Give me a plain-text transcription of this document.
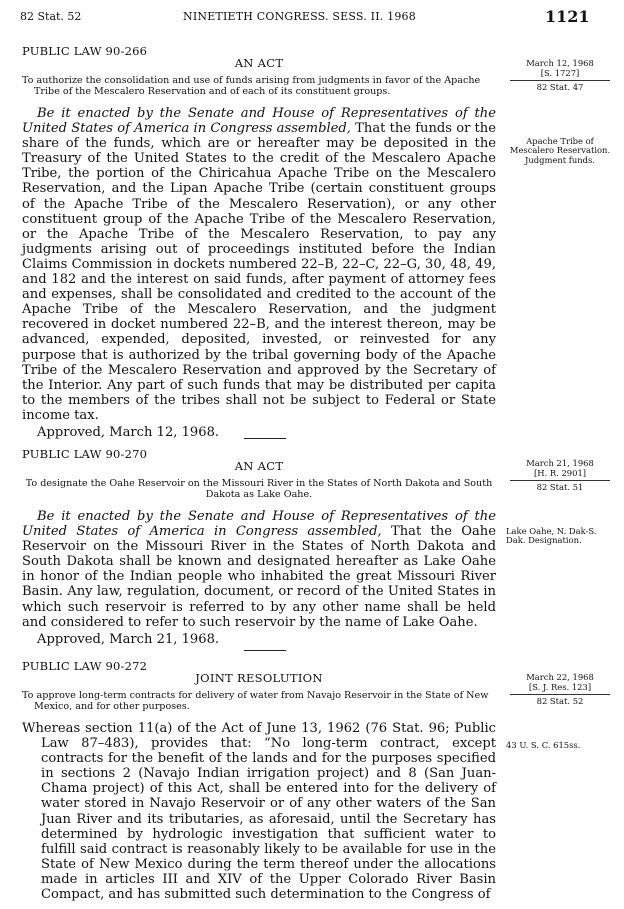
82 Stat. 52	NINETIETH CONGRESS. SESS. II. 1968	1121
PUBLIC LAW 90-266
AN ACT
To authorize the consolidation and use of funds arising from judgments in favor of the Apache Tribe of the Mescalero Reservation and of each of its constituent groups.
Be it enacted by the Senate and House of Representatives of the United States of America in Congress assembled, That the funds or the share of the funds, which are or hereafter may be deposited in the Treasury of the United States to the credit of the Mescalero Apache Tribe, the portion of the Chiricahua Apache Tribe on the Mescalero Reservation, and the Lipan Apache Tribe (certain constituent groups of the Apache Tribe of the Mescalero Reservation), or any other constituent group of the Apache Tribe of the Mescalero Reservation, or the Apache Tribe of the Mescalero Reservation, to pay any judgments arising out of proceedings instituted before the Indian Claims Commission in dockets numbered 22–B, 22–C, 22–G, 30, 48, 49, and 182 and the interest on said funds, after payment of attorney fees and expenses, shall be consolidated and credited to the account of the Apache Tribe of the Mescalero Reservation, and the judgment recovered in docket numbered 22–B, and the interest thereon, may be advanced, expended, deposited, invested, or reinvested for any purpose that is authorized by the tribal governing body of the Apache Tribe of the Mescalero Reservation and approved by the Secretary of the Interior. Any part of such funds that may be distributed per capita to the members of the tribes shall not be subject to Federal or State income tax.
Approved, March 12, 1968.
March 12, 1968
[S. 1727]
82 Stat. 47
Apache Tribe of Mescalero Reservation. Judgment funds.
PUBLIC LAW 90-270
AN ACT
To designate the Oahe Reservoir on the Missouri River in the States of North Dakota and South Dakota as Lake Oahe.
Be it enacted by the Senate and House of Representatives of the United States of America in Congress assembled, That the Oahe Reservoir on the Missouri River in the States of North Dakota and South Dakota shall be known and designated hereafter as Lake Oahe in honor of the Indian people who inhabited the great Missouri River Basin. Any law, regulation, document, or record of the United States in which such reservoir is referred to by any other name shall be held and considered to refer to such reservoir by the name of Lake Oahe.
Approved, March 21, 1968.
March 21, 1968
[H. R. 2901]
82 Stat. 51
Lake Oahe, N. Dak-S. Dak. Designation.
PUBLIC LAW 90-272
JOINT RESOLUTION
To approve long-term contracts for delivery of water from Navajo Reservoir in the State of New Mexico, and for other purposes.
Whereas section 11(a) of the Act of June 13, 1962 (76 Stat. 96; Public Law 87–483), provides that: “No long-term contract, except contracts for the benefit of the lands and for the purposes specified in sections 2 (Navajo Indian irrigation project) and 8 (San Juan-Chama project) of this Act, shall be entered into for the delivery of water stored in Navajo Reservoir or of any other waters of the San Juan River and its tributaries, as aforesaid, until the Secretary has determined by hydrologic investigation that sufficient water to fulfill said contract is reasonably likely to be available for use in the State of New Mexico during the term thereof under the allocations made in articles III and XIV of the Upper Colorado River Basin Compact, and has submitted such determination to the Congress of
March 22, 1968
[S. J. Res. 123]
82 Stat. 52
43 U. S. C. 615ss.
